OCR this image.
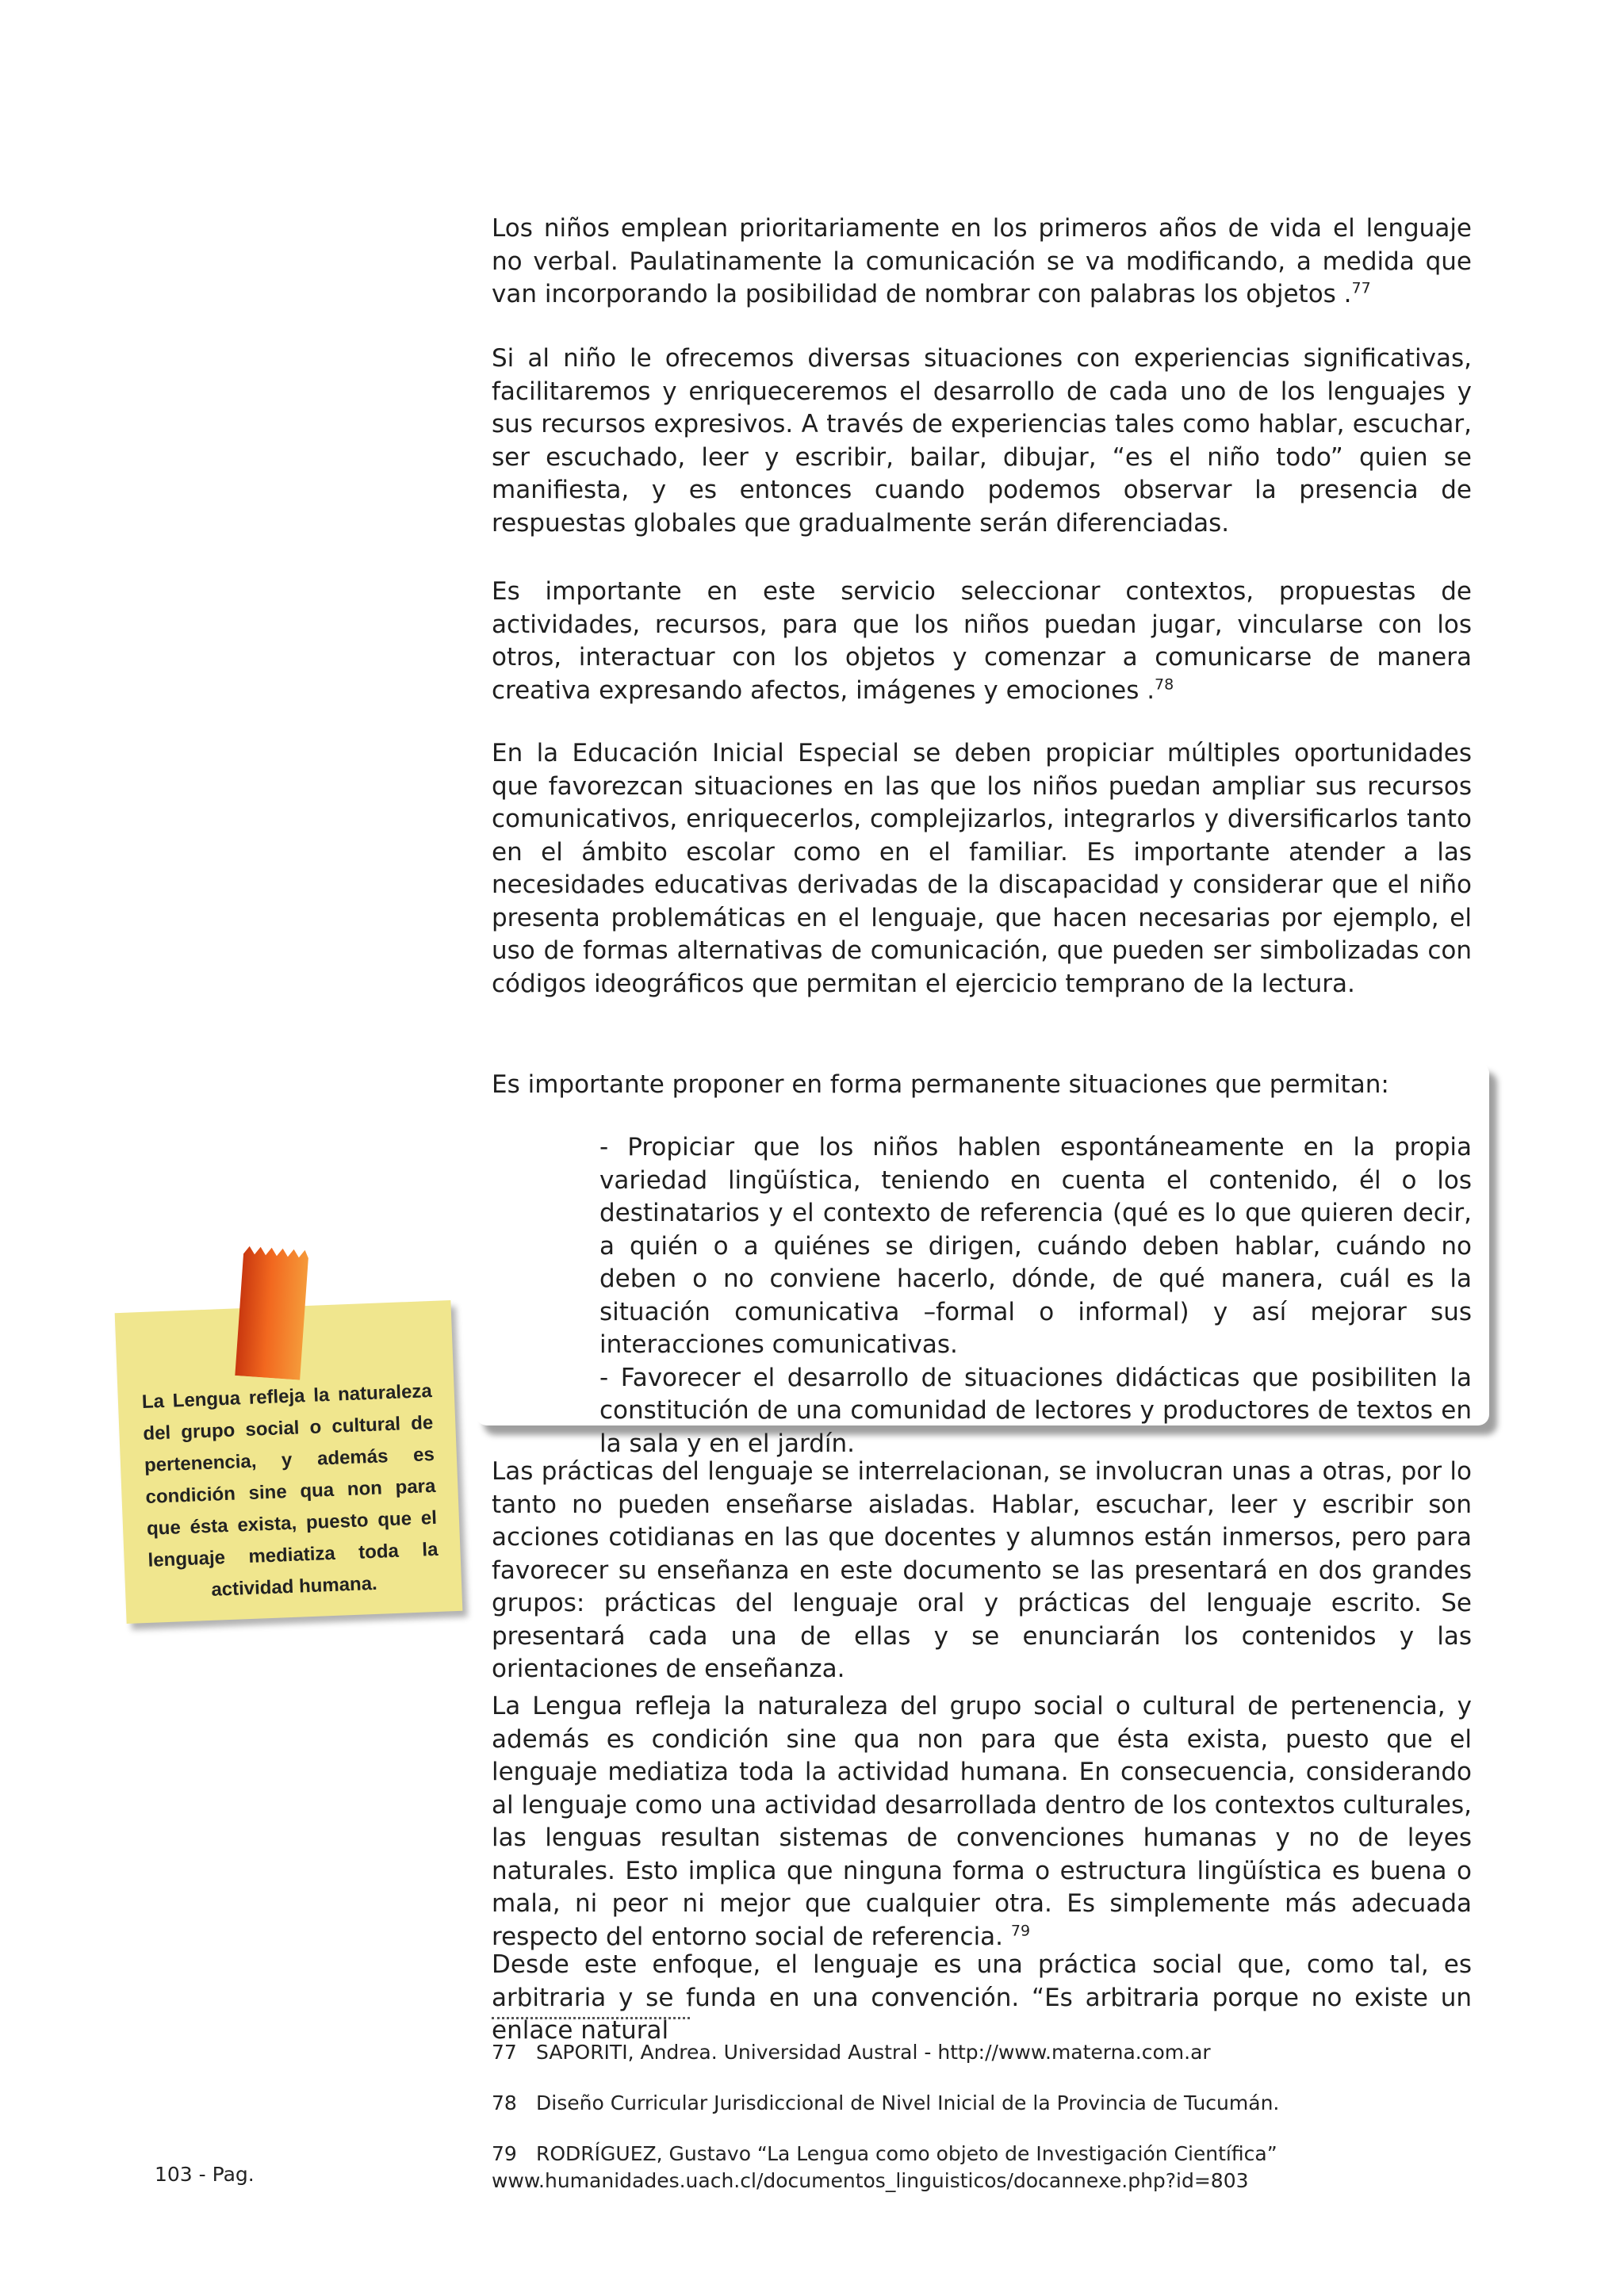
Los niños emplean prioritariamente en los primeros años de vida el lenguaje no verbal. Paulatinamente la comunicación se va modificando, a medida que van incorporando la posibilidad de nombrar con palabras los objetos .$^{77}$

Si al niño le ofrecemos diversas situaciones con experiencias significativas, facilitaremos y enriqueceremos el desarrollo de cada uno de los lenguajes y sus recursos expresivos. A través de experiencias tales como hablar, escuchar, ser escuchado, leer y escribir, bailar, dibujar, “es el niño todo” quien se manifiesta, y es entonces cuando podemos observar la presencia de respuestas globales que gradualmente serán diferenciadas.

Es importante en este servicio seleccionar contextos, propuestas de actividades, recursos, para que los niños puedan jugar, vincularse con los otros, interactuar con los objetos y comenzar a comunicarse de manera creativa expresando afectos, imágenes y emociones .$^{78}$

En la Educación Inicial Especial se deben propiciar múltiples oportunidades que favorezcan situaciones en las que los niños puedan ampliar sus recursos comunicativos, enriquecerlos, complejizarlos, integrarlos y diversificarlos tanto en el ámbito escolar como en el familiar. Es importante atender a las necesidades educativas derivadas de la discapacidad y considerar que el niño presenta problemáticas en el lenguaje, que hacen necesarias por ejemplo, el uso de formas alternativas de comunicación, que pueden ser simbolizadas con códigos ideográficos que permitan el ejercicio temprano de la lectura.

Es importante proponer en forma permanente situaciones que permitan:

- Propiciar que los niños hablen espontáneamente en la propia variedad lingüística, teniendo en cuenta el contenido, él o los destinatarios y el contexto de referencia (qué es lo que quieren decir, a quién o a quiénes se dirigen, cuándo deben hablar, cuándo no deben o no conviene hacerlo, dónde, de qué manera, cuál es la situación comunicativa –formal o informal) y así mejorar sus interacciones comunicativas.
- Favorecer el desarrollo de situaciones didácticas que posibiliten la constitución de una comunidad de lectores y productores de textos en la sala y en el jardín.
La Lengua refleja la naturaleza del grupo social o cultural de pertenencia, y además es condición sine qua non para que ésta exista, puesto que el lenguaje mediatiza toda la actividad humana.

Las prácticas del lenguaje se interrelacionan, se involucran unas a otras, por lo tanto no pueden enseñarse aisladas. Hablar, escuchar, leer y escribir son acciones cotidianas en las que docentes y alumnos están inmersos, pero para favorecer su enseñanza en este documento se las presentará en dos grandes grupos: prácticas del lenguaje oral y prácticas del lenguaje escrito. Se presentará cada una de ellas y se enunciarán los contenidos y las orientaciones de enseñanza.

La Lengua refleja la naturaleza del grupo social o cultural de pertenencia, y además es condición sine qua non para que ésta exista, puesto que el lenguaje mediatiza toda la actividad humana. En consecuencia, considerando al lenguaje como una actividad desarrollada dentro de los contextos culturales, las lenguas resultan sistemas de convenciones humanas y no de leyes naturales. Esto implica que ninguna forma o estructura lingüística es buena o mala, ni peor ni mejor que cualquier otra. Es simplemente más adecuada respecto del entorno social de referencia. $^{79}$

Desde este enfoque, el lenguaje es una práctica social que, como tal, es arbitraria y se funda en una convención. “Es arbitraria porque no existe un enlace natural

77 SAPORITI, Andrea. Universidad Austral - http://www.materna.com.ar

78 Diseño Curricular Jurisdiccional de Nivel Inicial de la Provincia de Tucumán.

79 RODRÍGUEZ, Gustavo “La Lengua como objeto de Investigación Científica” www.humanidades.uach.cl/documentos_linguisticos/docannexe.php?id=803

103 - Pag.
